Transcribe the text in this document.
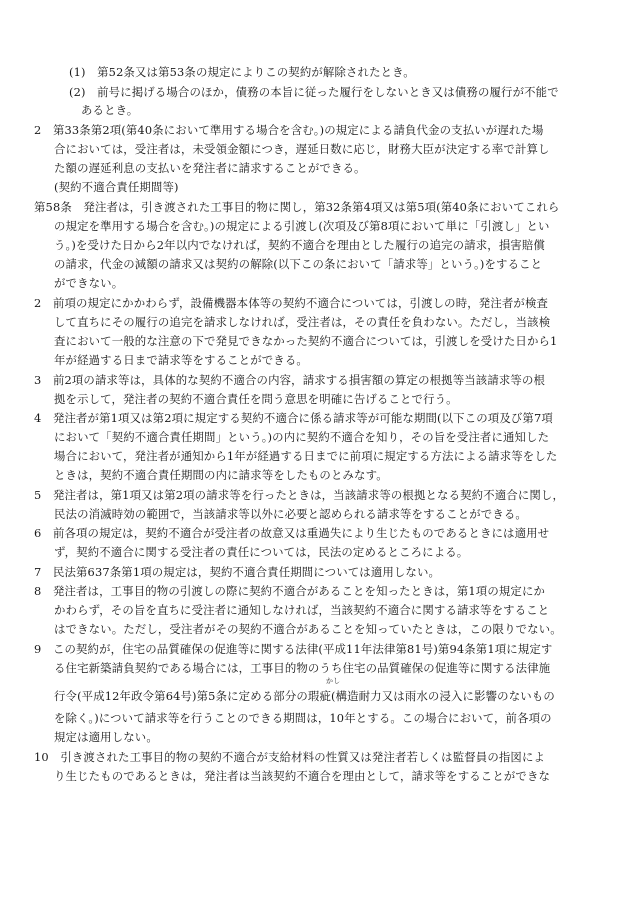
(1)　第52条又は第53条の規定によりこの契約が解除されたとき。
(2)　前号に掲げる場合のほか，債務の本旨に従った履行をしないとき又は債務の履行が不能で
あるとき。
2　第33条第2項(第40条において準用する場合を含む。)の規定による請負代金の支払いが遅れた場
合においては，受注者は，未受領金額につき，遅延日数に応じ，財務大臣が決定する率で計算し
た額の遅延利息の支払いを発注者に請求することができる。
(契約不適合責任期間等)
第58条　発注者は，引き渡された工事目的物に関し，第32条第4項又は第5項(第40条においてこれら
の規定を準用する場合を含む。)の規定による引渡し(次項及び第8項において単に「引渡し」とい
う。)を受けた日から2年以内でなければ，契約不適合を理由とした履行の追完の請求，損害賠償
の請求，代金の減額の請求又は契約の解除(以下この条において「請求等」という。)をすること
ができない。
2　前項の規定にかかわらず，設備機器本体等の契約不適合については，引渡しの時，発注者が検査
して直ちにその履行の追完を請求しなければ，受注者は，その責任を負わない。ただし，当該検
査において一般的な注意の下で発見できなかった契約不適合については，引渡しを受けた日から1
年が経過する日まで請求等をすることができる。
3　前2項の請求等は，具体的な契約不適合の内容，請求する損害額の算定の根拠等当該請求等の根
拠を示して，発注者の契約不適合責任を問う意思を明確に告げることで行う。
4　発注者が第1項又は第2項に規定する契約不適合に係る請求等が可能な期間(以下この項及び第7項
において「契約不適合責任期間」という。)の内に契約不適合を知り，その旨を受注者に通知した
場合において，発注者が通知から1年が経過する日までに前項に規定する方法による請求等をした
ときは，契約不適合責任期間の内に請求等をしたものとみなす。
5　発注者は，第1項又は第2項の請求等を行ったときは，当該請求等の根拠となる契約不適合に関し，
民法の消滅時効の範囲で，当該請求等以外に必要と認められる請求等をすることができる。
6　前各項の規定は，契約不適合が受注者の故意又は重過失により生じたものであるときには適用せ
ず，契約不適合に関する受注者の責任については，民法の定めるところによる。
7　民法第637条第1項の規定は，契約不適合責任期間については適用しない。
8　発注者は，工事目的物の引渡しの際に契約不適合があることを知ったときは，第1項の規定にか
かわらず，その旨を直ちに受注者に通知しなければ，当該契約不適合に関する請求等をすること
はできない。ただし，受注者がその契約不適合があることを知っていたときは，この限りでない。
9　この契約が，住宅の品質確保の促進等に関する法律(平成11年法律第81号)第94条第1項に規定す
る住宅新築請負契約である場合には，工事目的物のうち住宅の品質確保の促進等に関する法律施
かし
行令(平成12年政令第64号)第5条に定める部分の瑕疵(構造耐力又は雨水の浸入に影響のないもの
を除く。)について請求等を行うことのできる期間は，10年とする。この場合において，前各項の
規定は適用しない。
10　引き渡された工事目的物の契約不適合が支給材料の性質又は発注者若しくは監督員の指図によ
り生じたものであるときは，発注者は当該契約不適合を理由として，請求等をすることができな
